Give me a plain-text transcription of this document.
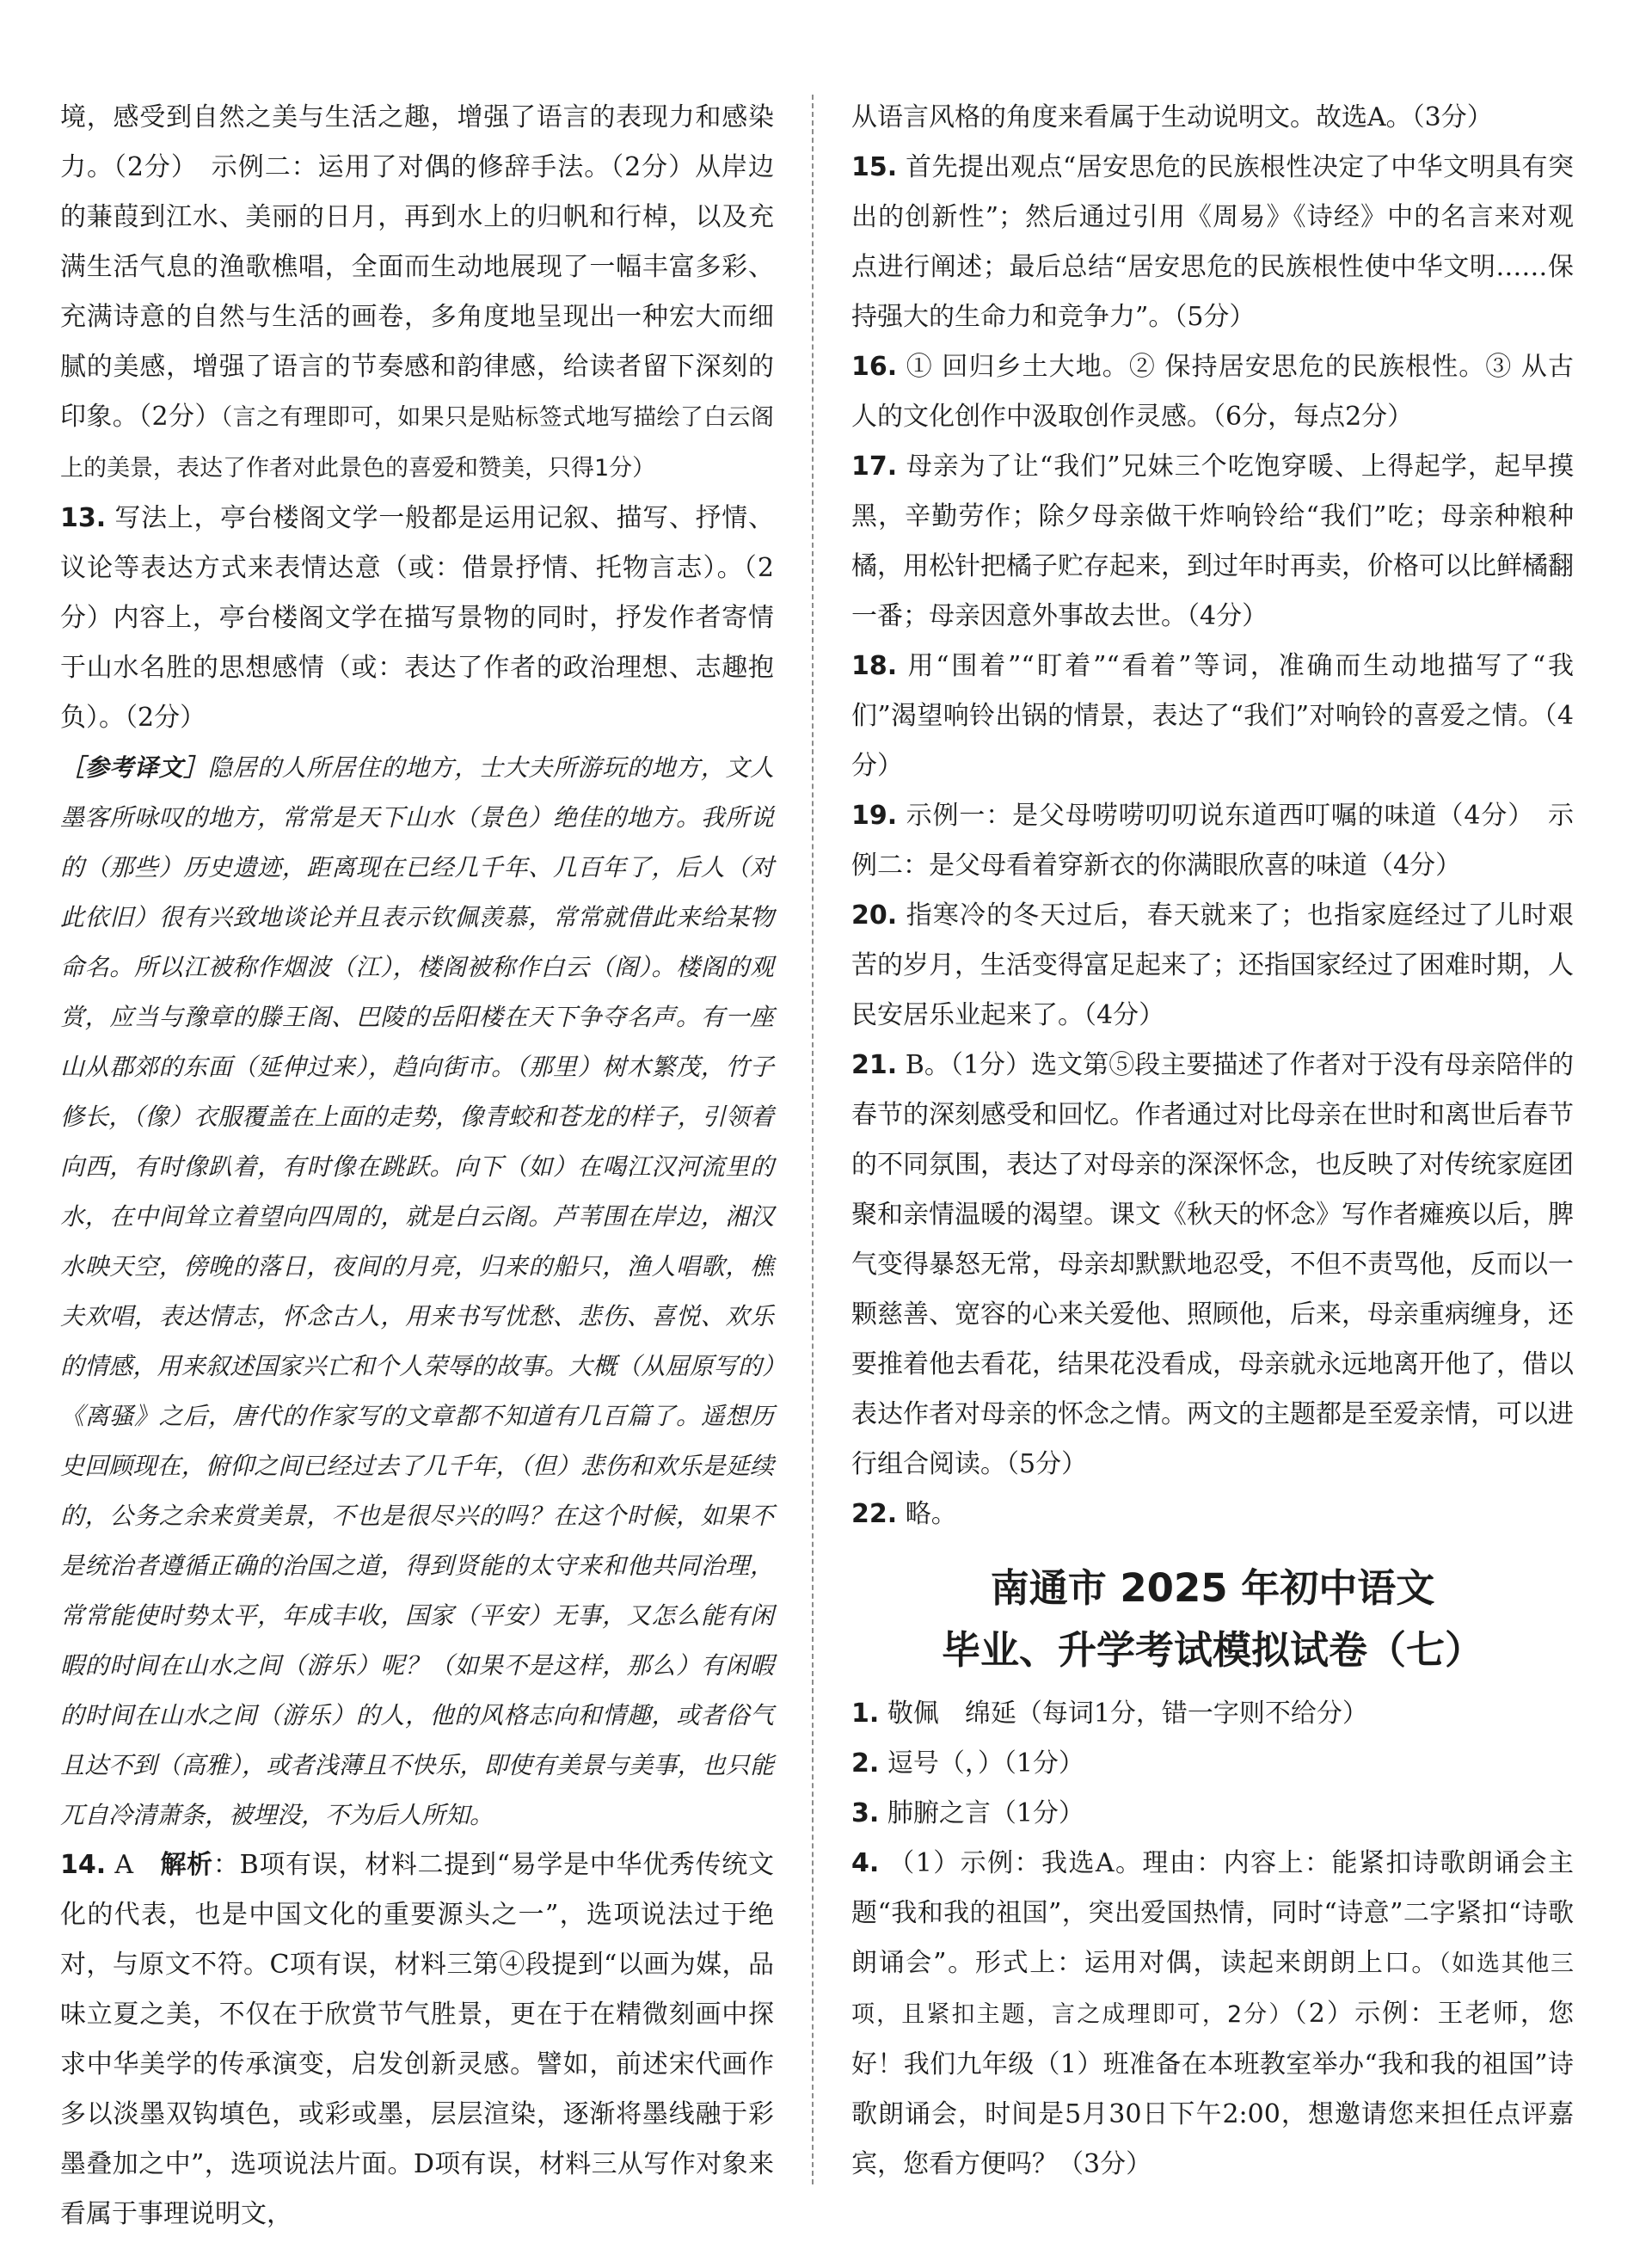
境，感受到自然之美与生活之趣，增强了语言的表现力和感染力。（2分）　示例二：运用了对偶的修辞手法。（2分）从岸边的蒹葭到江水、美丽的日月，再到水上的归帆和行棹，以及充满生活气息的渔歌樵唱，全面而生动地展现了一幅丰富多彩、充满诗意的自然与生活的画卷，多角度地呈现出一种宏大而细腻的美感，增强了语言的节奏感和韵律感，给读者留下深刻的印象。（2分）（言之有理即可，如果只是贴标签式地写描绘了白云阁上的美景，表达了作者对此景色的喜爱和赞美，只得1分）

13. 写法上，亭台楼阁文学一般都是运用记叙、描写、抒情、议论等表达方式来表情达意（或：借景抒情、托物言志）。（2分）内容上，亭台楼阁文学在描写景物的同时，抒发作者寄情于山水名胜的思想感情（或：表达了作者的政治理想、志趣抱负）。（2分）

［参考译文］隐居的人所居住的地方，士大夫所游玩的地方，文人墨客所咏叹的地方，常常是天下山水（景色）绝佳的地方。我所说的（那些）历史遗迹，距离现在已经几千年、几百年了，后人（对此依旧）很有兴致地谈论并且表示钦佩羡慕，常常就借此来给某物命名。所以江被称作烟波（江），楼阁被称作白云（阁）。楼阁的观赏，应当与豫章的滕王阁、巴陵的岳阳楼在天下争夺名声。有一座山从郡郊的东面（延伸过来），趋向街市。（那里）树木繁茂，竹子修长，（像）衣服覆盖在上面的走势，像青蛟和苍龙的样子，引领着向西，有时像趴着，有时像在跳跃。向下（如）在喝江汉河流里的水，在中间耸立着望向四周的，就是白云阁。芦苇围在岸边，湘汉水映天空，傍晚的落日，夜间的月亮，归来的船只，渔人唱歌，樵夫欢唱，表达情志，怀念古人，用来书写忧愁、悲伤、喜悦、欢乐的情感，用来叙述国家兴亡和个人荣辱的故事。大概（从屈原写的）《离骚》之后，唐代的作家写的文章都不知道有几百篇了。遥想历史回顾现在，俯仰之间已经过去了几千年，（但）悲伤和欢乐是延续的，公务之余来赏美景，不也是很尽兴的吗？在这个时候，如果不是统治者遵循正确的治国之道，得到贤能的太守来和他共同治理，常常能使时势太平，年成丰收，国家（平安）无事，又怎么能有闲暇的时间在山水之间（游乐）呢？（如果不是这样，那么）有闲暇的时间在山水之间（游乐）的人，他的风格志向和情趣，或者俗气且达不到（高雅），或者浅薄且不快乐，即使有美景与美事，也只能兀自冷清萧条，被埋没，不为后人所知。

14. A　 解析：B项有误，材料二提到“易学是中华优秀传统文化的代表，也是中国文化的重要源头之一”，选项说法过于绝对，与原文不符。C项有误，材料三第④段提到“以画为媒，品味立夏之美，不仅在于欣赏节气胜景，更在于在精微刻画中探求中华美学的传承演变，启发创新灵感。譬如，前述宋代画作多以淡墨双钩填色，或彩或墨，层层渲染，逐渐将墨线融于彩墨叠加之中”，选项说法片面。D项有误，材料三从写作对象来看属于事理说明文，

从语言风格的角度来看属于生动说明文。故选A。（3分）

15. 首先提出观点“居安思危的民族根性决定了中华文明具有突出的创新性”；然后通过引用《周易》《诗经》中的名言来对观点进行阐述；最后总结“居安思危的民族根性使中华文明……保持强大的生命力和竞争力”。（5分）

16. ① 回归乡土大地。② 保持居安思危的民族根性。③ 从古人的文化创作中汲取创作灵感。（6分，每点2分）

17. 母亲为了让“我们”兄妹三个吃饱穿暖、上得起学，起早摸黑，辛勤劳作；除夕母亲做干炸响铃给“我们”吃；母亲种粮种橘，用松针把橘子贮存起来，到过年时再卖，价格可以比鲜橘翻一番；母亲因意外事故去世。（4分）

18. 用“围着”“盯着”“看着”等词，准确而生动地描写了“我们”渴望响铃出锅的情景，表达了“我们”对响铃的喜爱之情。（4分）

19. 示例一：是父母唠唠叨叨说东道西叮嘱的味道（4分）　示例二：是父母看着穿新衣的你满眼欣喜的味道（4分）

20. 指寒冷的冬天过后，春天就来了；也指家庭经过了儿时艰苦的岁月，生活变得富足起来了；还指国家经过了困难时期，人民安居乐业起来了。（4分）

21. B。（1分）选文第⑤段主要描述了作者对于没有母亲陪伴的春节的深刻感受和回忆。作者通过对比母亲在世时和离世后春节的不同氛围，表达了对母亲的深深怀念，也反映了对传统家庭团聚和亲情温暖的渴望。课文《秋天的怀念》写作者瘫痪以后，脾气变得暴怒无常，母亲却默默地忍受，不但不责骂他，反而以一颗慈善、宽容的心来关爱他、照顾他，后来，母亲重病缠身，还要推着他去看花，结果花没看成，母亲就永远地离开他了，借以表达作者对母亲的怀念之情。两文的主题都是至爱亲情，可以进行组合阅读。（5分）

22. 略。

南通市 2025 年初中语文
毕业、升学考试模拟试卷（七）

1. 敬佩　绵延（每词1分，错一字则不给分）

2. 逗号（，）（1分）

3. 肺腑之言（1分）

4. （1）示例：我选A。理由：内容上：能紧扣诗歌朗诵会主题“我和我的祖国”，突出爱国热情，同时“诗意”二字紧扣“诗歌朗诵会”。形式上：运用对偶，读起来朗朗上口。（如选其他三项，且紧扣主题，言之成理即可，2分）（2）示例：王老师，您好！我们九年级（1）班准备在本班教室举办“我和我的祖国”诗歌朗诵会，时间是5月30日下午2:00，想邀请您来担任点评嘉宾，您看方便吗？（3分）
